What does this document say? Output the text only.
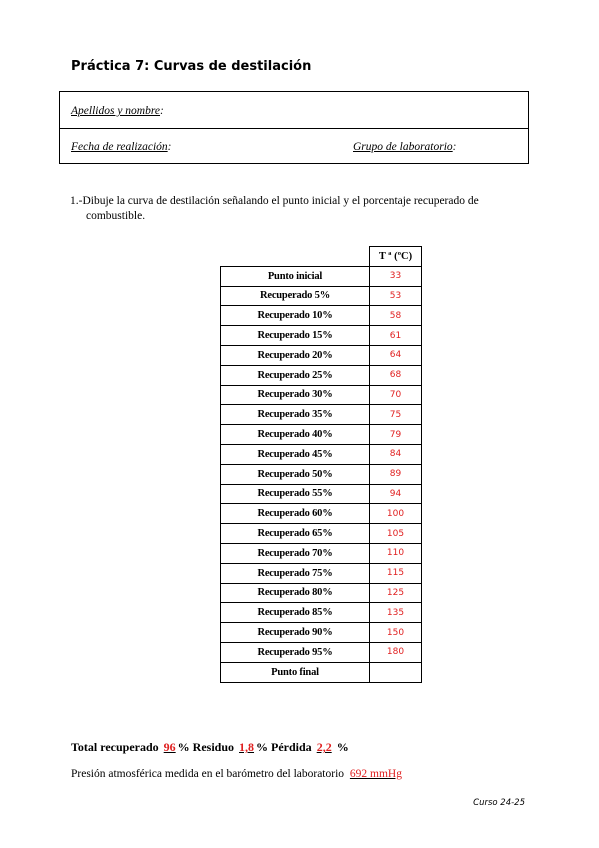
Práctica 7: Curvas de destilación
Apellidos y nombre:
Fecha de realización:	Grupo de laboratorio:
1.-Dibuje la curva de destilación señalando el punto inicial y el porcentaje recuperado de
combustible.
	T ª (ºC)
Punto inicial	33
Recuperado 5%	53
Recuperado 10%	58
Recuperado 15%	61
Recuperado 20%	64
Recuperado 25%	68
Recuperado 30%	70
Recuperado 35%	75
Recuperado 40%	79
Recuperado 45%	84
Recuperado 50%	89
Recuperado 55%	94
Recuperado 60%	100
Recuperado 65%	105
Recuperado 70%	110
Recuperado 75%	115
Recuperado 80%	125
Recuperado 85%	135
Recuperado 90%	150
Recuperado 95%	180
Punto final	
Total recuperado 96 % Residuo 1,8 % Pérdida 2,2 %
Presión atmosférica medida en el barómetro del laboratorio 692 mmHg
Curso 24-25
